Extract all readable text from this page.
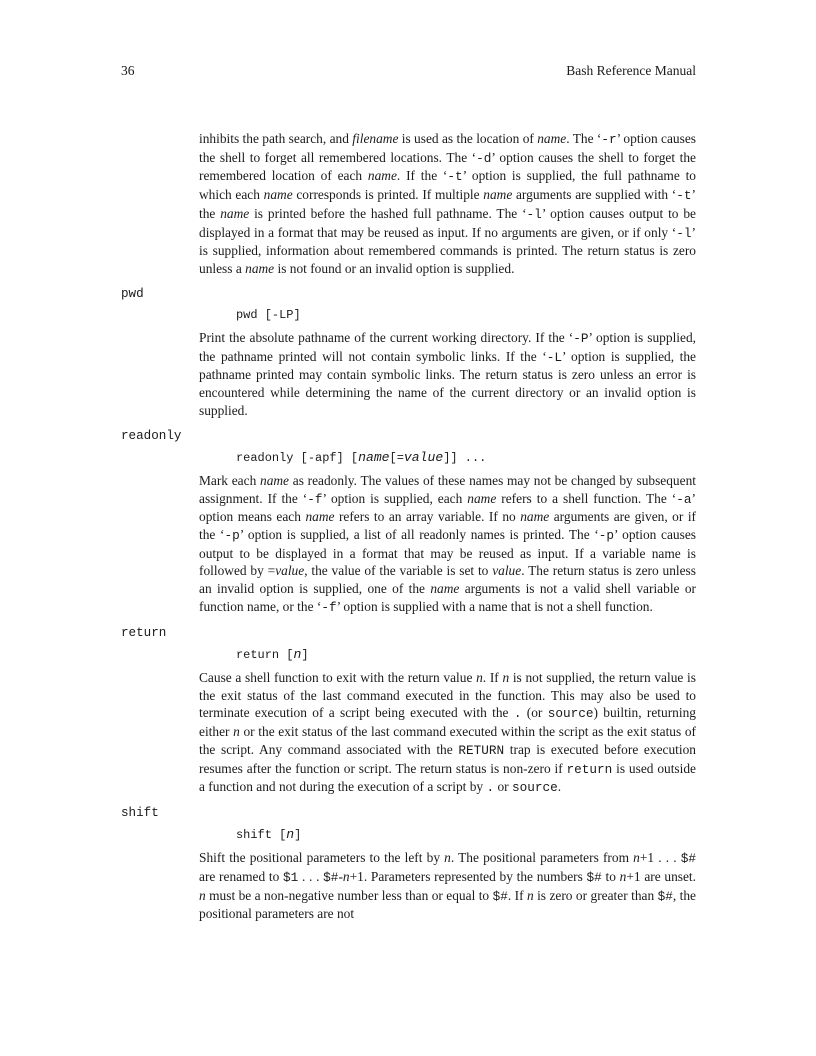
36	Bash Reference Manual

inhibits the path search, and filename is used as the location of name. The ‘-r’ option causes the shell to forget all remembered locations. The ‘-d’ option causes the shell to forget the remembered location of each name. If the ‘-t’ option is supplied, the full pathname to which each name corresponds is printed. If multiple name arguments are supplied with ‘-t’ the name is printed before the hashed full pathname. The ‘-l’ option causes output to be displayed in a format that may be reused as input. If no arguments are given, or if only ‘-l’ is supplied, information about remembered commands is printed. The return status is zero unless a name is not found or an invalid option is supplied.

pwd
pwd [-LP]

Print the absolute pathname of the current working directory. If the ‘-P’ option is supplied, the pathname printed will not contain symbolic links. If the ‘-L’ option is supplied, the pathname printed may contain symbolic links. The return status is zero unless an error is encountered while determining the name of the current directory or an invalid option is supplied.

readonly
readonly [-apf] [name[=value]] ...

Mark each name as readonly. The values of these names may not be changed by subsequent assignment. If the ‘-f’ option is supplied, each name refers to a shell function. The ‘-a’ option means each name refers to an array variable. If no name arguments are given, or if the ‘-p’ option is supplied, a list of all readonly names is printed. The ‘-p’ option causes output to be displayed in a format that may be reused as input. If a variable name is followed by =value, the value of the variable is set to value. The return status is zero unless an invalid option is supplied, one of the name arguments is not a valid shell variable or function name, or the ‘-f’ option is supplied with a name that is not a shell function.

return
return [n]

Cause a shell function to exit with the return value n. If n is not supplied, the return value is the exit status of the last command executed in the function. This may also be used to terminate execution of a script being executed with the . (or source) builtin, returning either n or the exit status of the last command executed within the script as the exit status of the script. Any command associated with the RETURN trap is executed before execution resumes after the function or script. The return status is non-zero if return is used outside a function and not during the execution of a script by . or source.

shift
shift [n]

Shift the positional parameters to the left by n. The positional parameters from n+1 . . . $# are renamed to $1 . . . $#-n+1. Parameters represented by the numbers $# to n+1 are unset. n must be a non-negative number less than or equal to $#. If n is zero or greater than $#, the positional parameters are not
